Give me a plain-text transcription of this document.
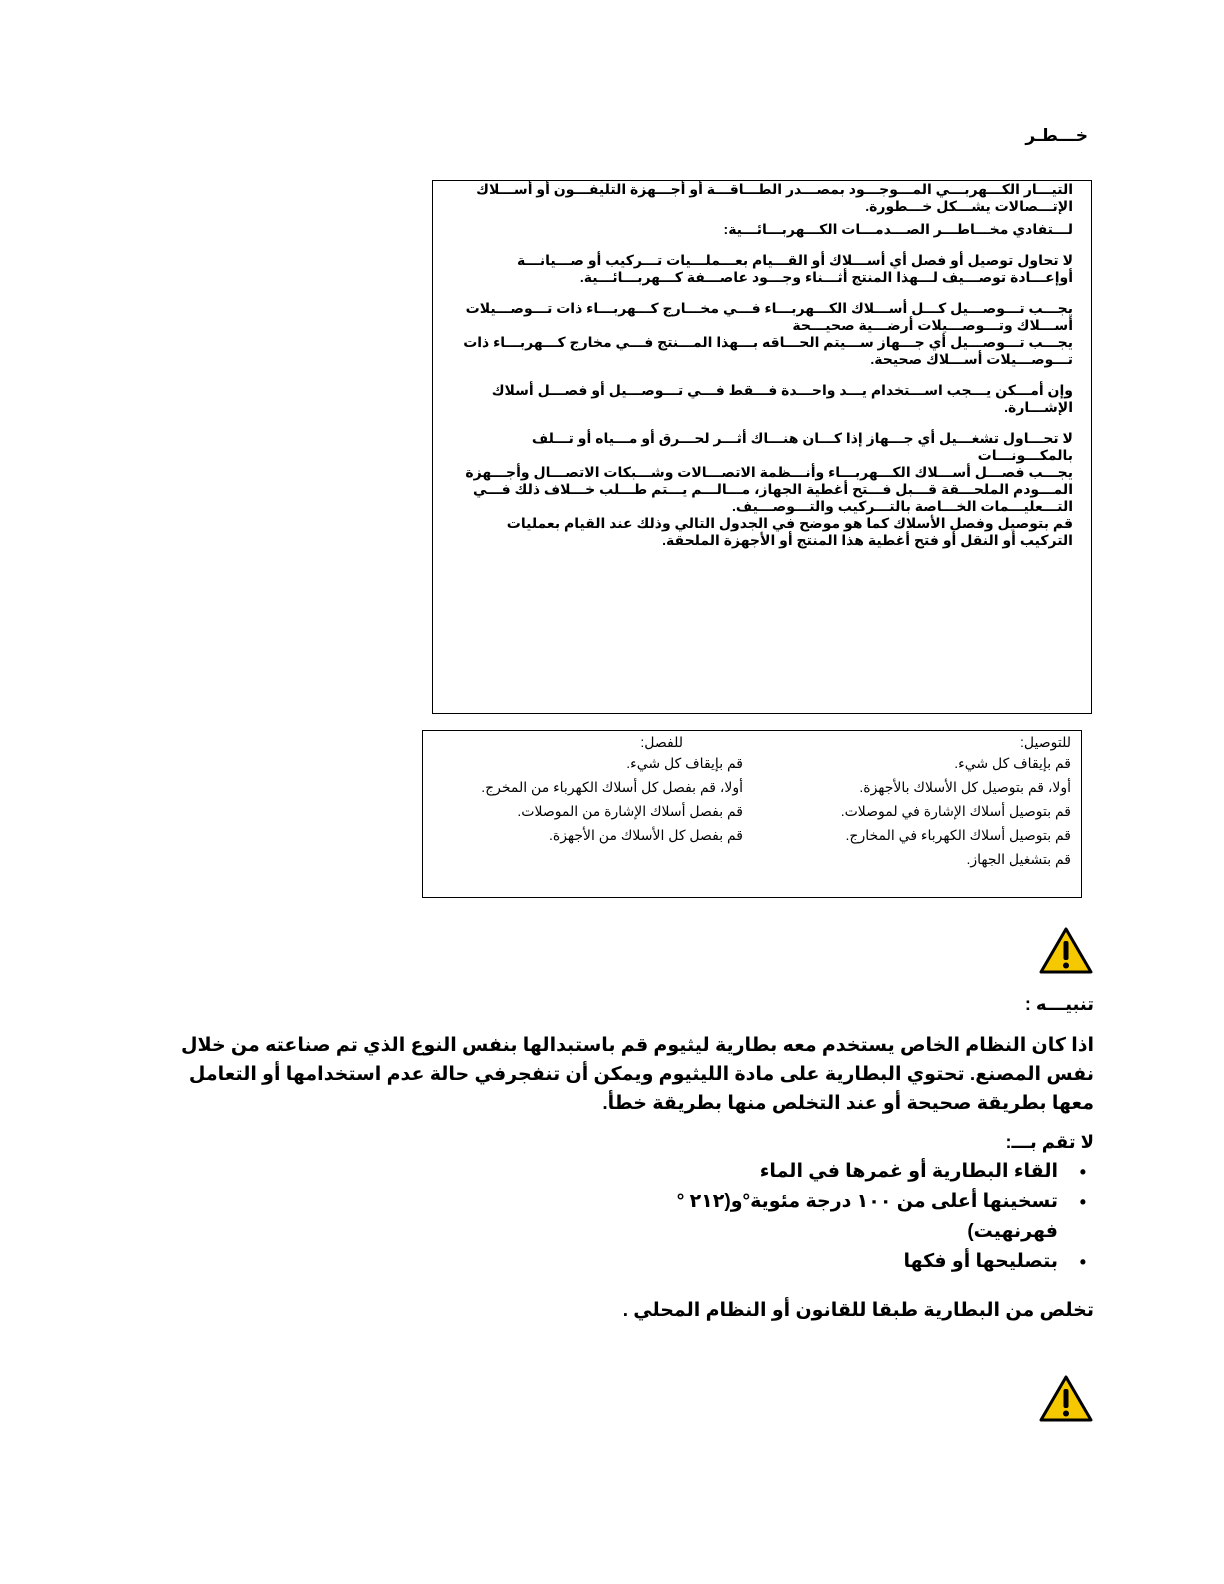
خـــطـر

التيـــار الكـــهربـــي المـــوجـــود بمصـــدر الطـــاقـــة أو أجـــهزة التليفـــون أو أســـلاك الإتـــصالات يشـــكل خـــطورة.

لـــتفادي مخـــاطـــر الصـــدمـــات الكـــهربـــائـــية:

لا تحاول توصيل أو فصل أي أســـلاك أو القـــيام بعـــملـــيات تـــركيب أو صـــيانـــة أوإعـــادة توصـــيف لـــهذا المنتج أثـــناء وجـــود عاصـــفة كـــهربـــائـــية.

يجـــب تـــوصـــيل كـــل أســـلاك الكـــهربـــاء فـــي مخـــارج كـــهربـــاء ذات تـــوصـــيلات أســـلاك وتـــوصـــيلات أرضـــية صحيـــحة

يجـــب تـــوصـــيل أي جـــهاز ســـيتم الحـــاقه بـــهذا المـــنتج فـــي مخارج كـــهربـــاء ذات تـــوصـــيلات أســـلاك صحيحة.

وإن أمـــكن يـــجب اســـتخدام يـــد واحـــدة فـــقط فـــي تـــوصـــيل أو فصـــل أسلاك الإشـــارة.

لا تحـــاول تشغـــيل أي جـــهاز إذا كـــان هنـــاك أثـــر لحـــرق أو مـــياه أو تـــلف بالمكـــونـــات

يجـــب فصـــل أســـلاك الكـــهربـــاء وأنـــظمة الاتصـــالات وشـــبكات الاتصـــال وأجـــهزة المـــودم الملحـــقة قـــبل فـــتح أغطية الجهاز، مـــالـــم يـــتم طـــلب خـــلاف ذلك فـــي التـــعليـــمات الخـــاصة بالتـــركيب والتـــوصـــيف.

قم بتوصيل وفصل الأسلاك كما هو موضح في الجدول التالي وذلك عند القيام بعمليات التركيب أو النقل أو فتح أغطية هذا المنتج أو الأجهزة الملحقة.

للتوصيل:
قم بإيقاف كل شيء.
أولا، قم بتوصيل كل الأسلاك بالأجهزة.
قم بتوصيل أسلاك الإشارة في لموصلات.
قم بتوصيل أسلاك الكهرباء في المخارج.
قم بتشغيل الجهاز.
للفصل:
قم بإيقاف كل شيء.
أولا، قم بفصل كل أسلاك الكهرباء من المخرج.
قم بفصل أسلاك الإشارة من الموصلات.
قم بفصل كل الأسلاك من الأجهزة.

تنبيـــه :

اذا كان النظام الخاص يستخدم معه بطارية ليثيوم قم باستبدالها بنفس النوع الذي تم صناعته من خلال نفس المصنع. تحتوي البطارية على مادة الليثيوم ويمكن أن تنفجرفي حالة عدم استخدامها أو التعامل معها بطريقة صحيحة أو عند التخلص منها بطريقة خطأ.

لا تقم بـــ:

• القاء البطارية أو غمرها في الماء
• تسخينها أعلى من ١٠٠ درجة مئوية°و(٢١٢ ° فهرنهيت)
• بتصليحها أو فكها

تخلص من البطارية طبقا للقانون أو النظام المحلي .
